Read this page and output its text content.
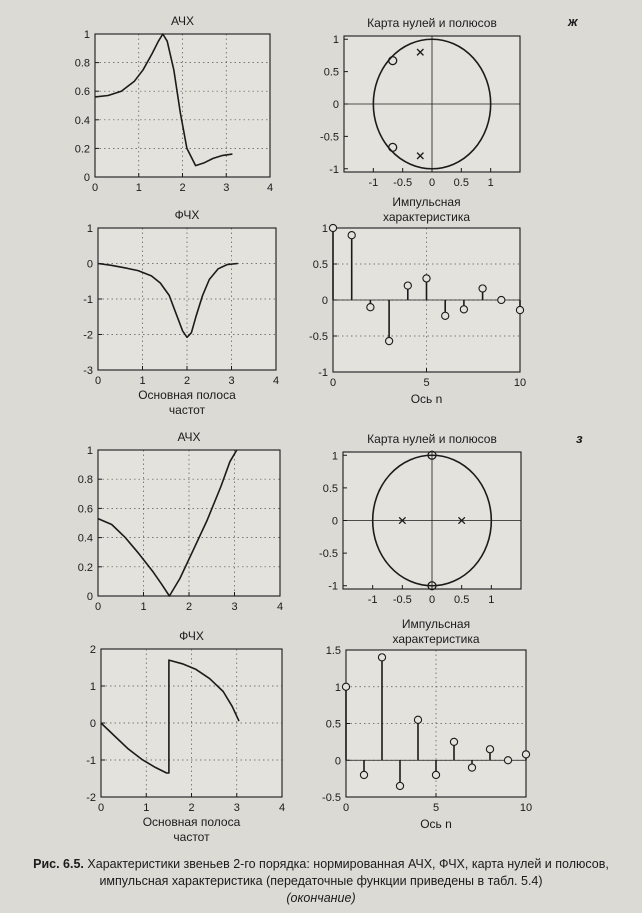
ж
з
0	1	2	3	4
0
0.2
0.4
0.6
0.8
1
АЧХ
-1 -0.5 0 0.5 1
-1
-0.5
0
0.5
1
Карта нулей и полюсов
0	1	2	3	4
-3
-2
-1
0
1
ФЧХ
Основная полоса
частот
0	5	10
-1
-0.5
0
0.5
1
Импульсная
характеристика
Ось n
0	1	2	3	4
0
0.2
0.4
0.6
0.8
1
АЧХ
-1 -0.5 0 0.5 1
-1
-0.5
0
0.5
1
Карта нулей и полюсов
0	1	2	3	4
-2
-1
0
1
2
ФЧХ
Основная полоса
частот
0	5	10
-0.5
0
0.5
1
1.5
Импульсная
характеристика
Ось n
Рис. 6.5. Характеристики звеньев 2-го порядка: нормированная АЧХ, ФЧХ, карта нулей и полюсов, импульсная характеристика (передаточные функции приведены в табл. 5.4)
(окончание)
